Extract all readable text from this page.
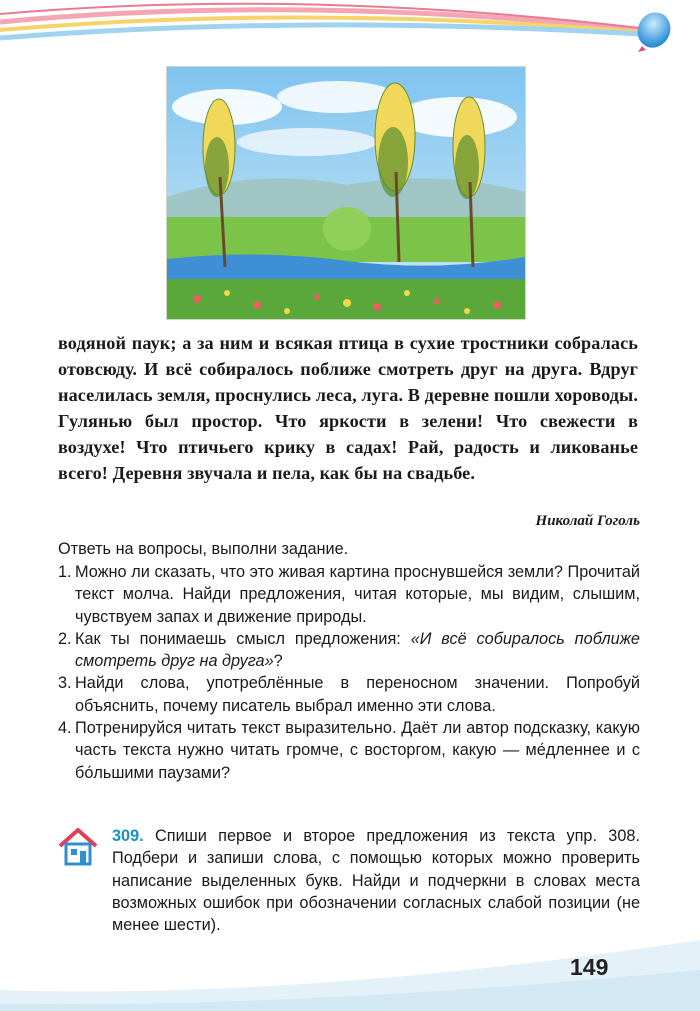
водяной паук; а за ним и всякая птица в сухие тростники собралась отовсюду. И всё собиралось поближе смотреть друг на друга. Вдруг населилась земля, проснулись леса, луга. В деревне пошли хороводы. Гулянью был простор. Что яркости в зелени! Что свежести в воздухе! Что птичьего крику в садах! Рай, радость и ликованье всего! Деревня звучала и пела, как бы на свадьбе.

Николай Гоголь
Ответь на вопросы, выполни задание.
1. Можно ли сказать, что это живая картина проснувшейся земли? Прочитай текст молча. Найди предложения, читая которые, мы видим, слышим, чувствуем запах и движение природы.
2. Как ты понимаешь смысл предложения: «И всё собиралось поближе смотреть друг на друга»?
3. Найди слова, употреблённые в переносном значении. Попробуй объяснить, почему писатель выбрал именно эти слова.
4. Потренируйся читать текст выразительно. Даёт ли автор подсказку, какую часть текста нужно читать громче, с восторгом, какую — ме́дленнее и с бо́льшими паузами?
309. Спиши первое и второе предложения из текста упр. 308. Подбери и запиши слова, с помощью которых можно проверить написание выделенных букв. Найди и подчеркни в словах места возможных ошибок при обозначении согласных слабой позиции (не менее шести).
149
